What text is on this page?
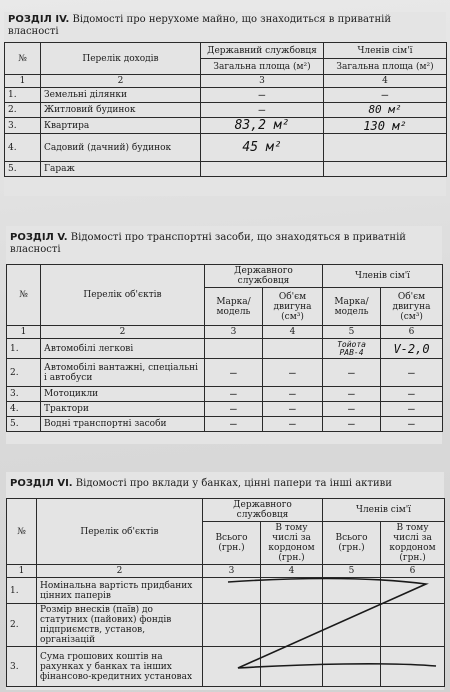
РОЗДІЛ IV. Відомості про нерухоме майно, що знаходиться в приватній власності
№	Перелік доходів	Державний службовця	Членів сім'ї
		Загальна площа (м²)	Загальна площа (м²)
1	2	3	4
1.	Земельні ділянки	—	—
2.	Житловий будинок	—	80 м²
3.	Квартира	83,2 м²	130 м²
4.	Садовий (дачний) будинок	45 м²	
5.	Гараж		
РОЗДІЛ V. Відомості про транспортні засоби, що знаходяться в приватній власності
№	Перелік об'єктів	Державного службовця		Членів сім'ї	
		Марка/ модель	Об'єм двигуна (см³)	Марка/ модель	Об'єм двигуна (см³)
1	2	3	4	5	6
1.	Автомобілі легкові			Тойота РАВ-4	V-2,0
2.	Автомобілі вантажні, спеціальні і автобуси	—	—	—	—
3.	Мотоцикли	—	—	—	—
4.	Трактори	—	—	—	—
5.	Водні транспортні засоби	—	—	—	—
РОЗДІЛ VI. Відомості про вклади у банках, цінні папери та інші активи
№	Перелік об'єктів	Державного службовця		Членів сім'ї	
		Всього (грн.)	В тому числі за кордоном (грн.)	Всього (грн.)	В тому числі за кордоном (грн.)
1	2	3	4	5	6
1.	Номінальна вартість придбаних цінних паперів				
2.	Розмір внесків (паїв) до статутних (пайових) фондів підприємств, установ, організацій				
3.	Сума грошових коштів на рахунках у банках та інших фінансово-кредитних установах				
